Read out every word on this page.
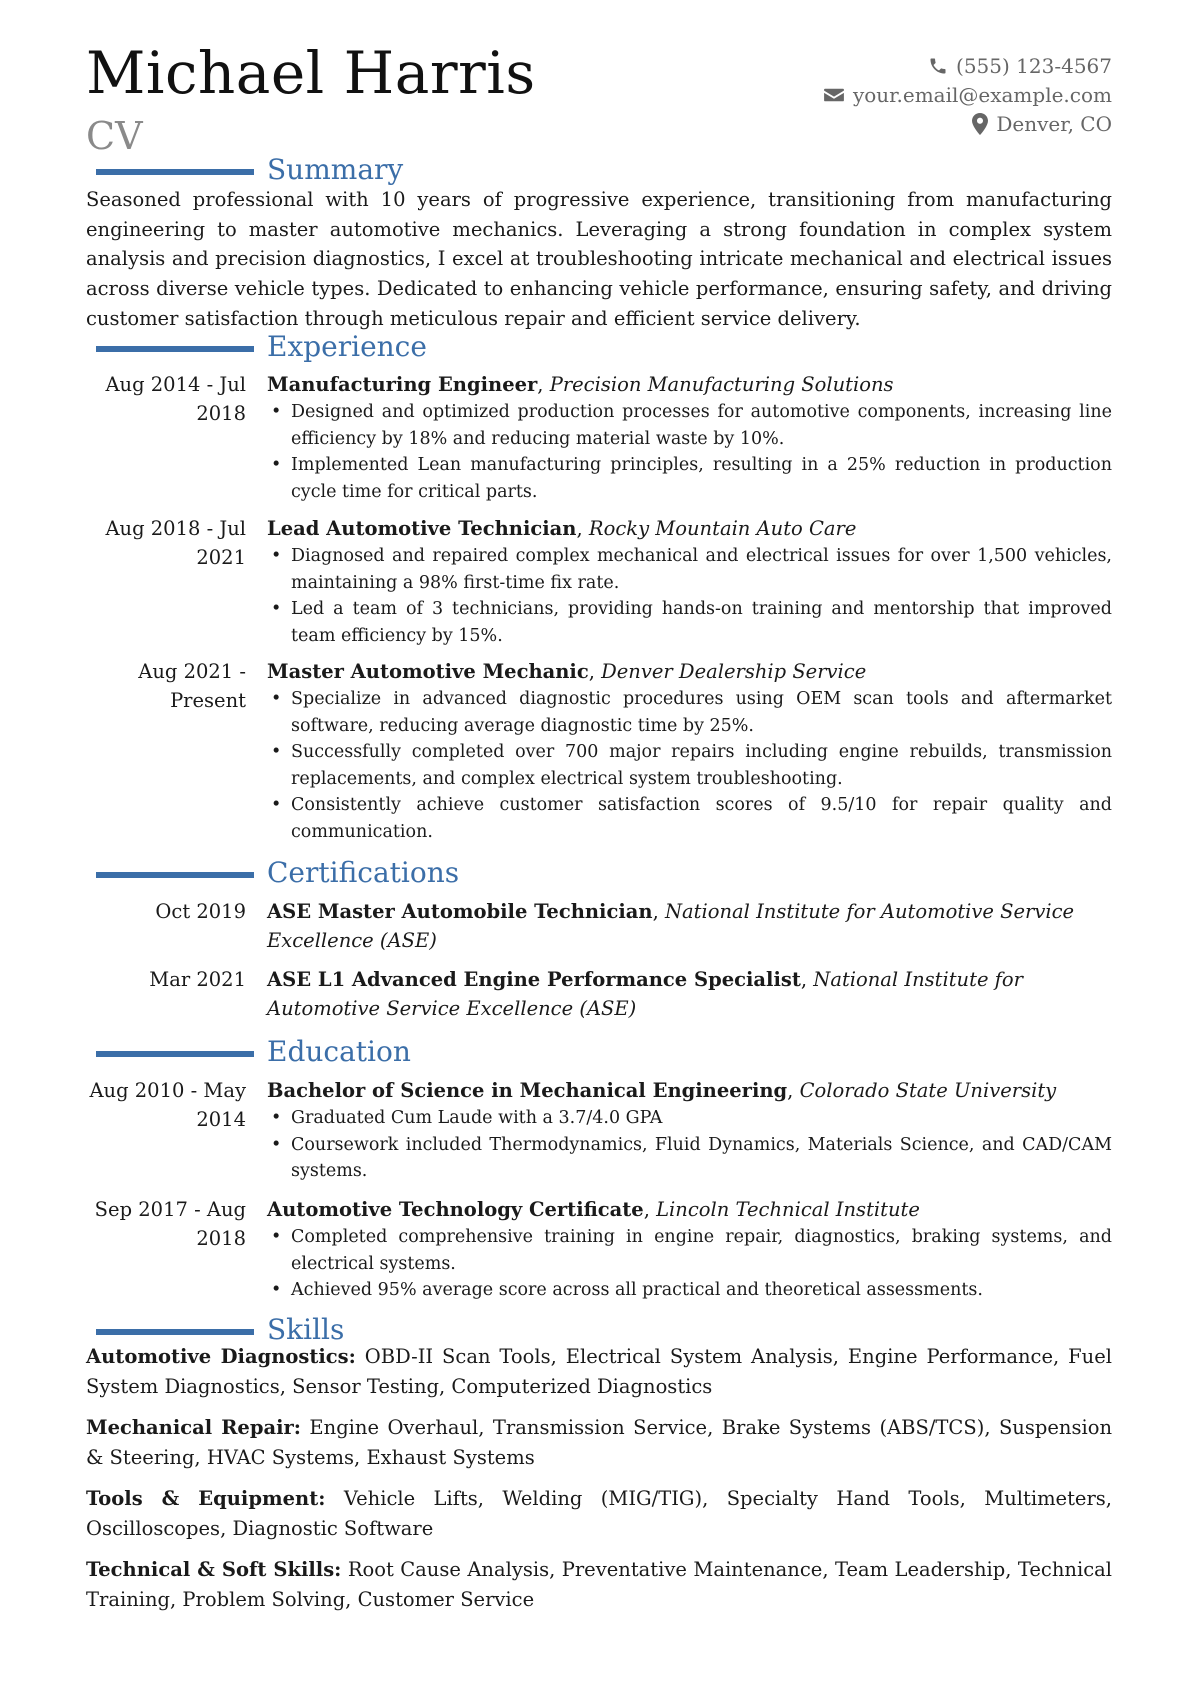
Michael Harris
CV
(555) 123-4567
your.email@example.com
Denver, CO
Summary
Seasoned professional with 10 years of progressive experience, transitioning from manufacturing engineering to master automotive mechanics. Leveraging a strong foundation in complex system analysis and precision diagnostics, I excel at troubleshooting intricate mechanical and electrical issues across diverse vehicle types. Dedicated to enhancing vehicle performance, ensuring safety, and driving customer satisfaction through meticulous repair and efficient service delivery.
Experience
Aug 2014 - Jul 2018
Manufacturing Engineer, Precision Manufacturing Solutions
• Designed and optimized production processes for automotive components, increasing line efficiency by 18% and reducing material waste by 10%.
• Implemented Lean manufacturing principles, resulting in a 25% reduction in production cycle time for critical parts.
Aug 2018 - Jul 2021
Lead Automotive Technician, Rocky Mountain Auto Care
• Diagnosed and repaired complex mechanical and electrical issues for over 1,500 vehicles, maintaining a 98% first-time fix rate.
• Led a team of 3 technicians, providing hands-on training and mentorship that improved team efficiency by 15%.
Aug 2021 - Present
Master Automotive Mechanic, Denver Dealership Service
• Specialize in advanced diagnostic procedures using OEM scan tools and aftermarket software, reducing average diagnostic time by 25%.
• Successfully completed over 700 major repairs including engine rebuilds, transmission replacements, and complex electrical system troubleshooting.
• Consistently achieve customer satisfaction scores of 9.5/10 for repair quality and communication.
Certifications
Oct 2019 ASE Master Automobile Technician, National Institute for Automotive Service Excellence (ASE)
Mar 2021 ASE L1 Advanced Engine Performance Specialist, National Institute for Automotive Service Excellence (ASE)
Education
Aug 2010 - May 2014
Bachelor of Science in Mechanical Engineering, Colorado State University
• Graduated Cum Laude with a 3.7/4.0 GPA
• Coursework included Thermodynamics, Fluid Dynamics, Materials Science, and CAD/CAM systems.
Sep 2017 - Aug 2018
Automotive Technology Certificate, Lincoln Technical Institute
• Completed comprehensive training in engine repair, diagnostics, braking systems, and electrical systems.
• Achieved 95% average score across all practical and theoretical assessments.
Skills
Automotive Diagnostics: OBD-II Scan Tools, Electrical System Analysis, Engine Performance, Fuel System Diagnostics, Sensor Testing, Computerized Diagnostics
Mechanical Repair: Engine Overhaul, Transmission Service, Brake Systems (ABS/TCS), Suspension & Steering, HVAC Systems, Exhaust Systems
Tools & Equipment: Vehicle Lifts, Welding (MIG/TIG), Specialty Hand Tools, Multimeters, Oscilloscopes, Diagnostic Software
Technical & Soft Skills: Root Cause Analysis, Preventative Maintenance, Team Leadership, Technical Training, Problem Solving, Customer Service
